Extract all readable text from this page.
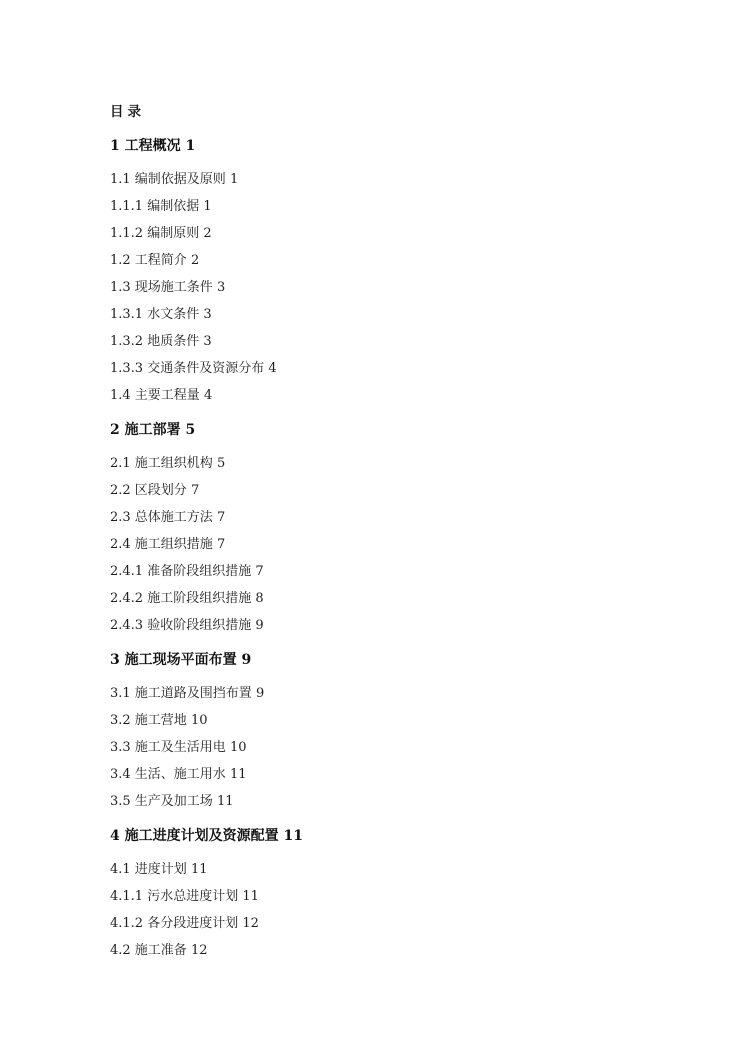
目录
1 工程概况 1
1.1 编制依据及原则 1
1.1.1 编制依据 1
1.1.2 编制原则 2
1.2 工程简介 2
1.3 现场施工条件 3
1.3.1 水文条件 3
1.3.2 地质条件 3
1.3.3 交通条件及资源分布 4
1.4 主要工程量 4
2 施工部署 5
2.1 施工组织机构 5
2.2 区段划分 7
2.3 总体施工方法 7
2.4 施工组织措施 7
2.4.1 准备阶段组织措施 7
2.4.2 施工阶段组织措施 8
2.4.3 验收阶段组织措施 9
3 施工现场平面布置 9
3.1 施工道路及围挡布置 9
3.2 施工营地 10
3.3 施工及生活用电 10
3.4 生活、施工用水 11
3.5 生产及加工场 11
4 施工进度计划及资源配置 11
4.1 进度计划 11
4.1.1 污水总进度计划 11
4.1.2 各分段进度计划 12
4.2 施工准备 12
